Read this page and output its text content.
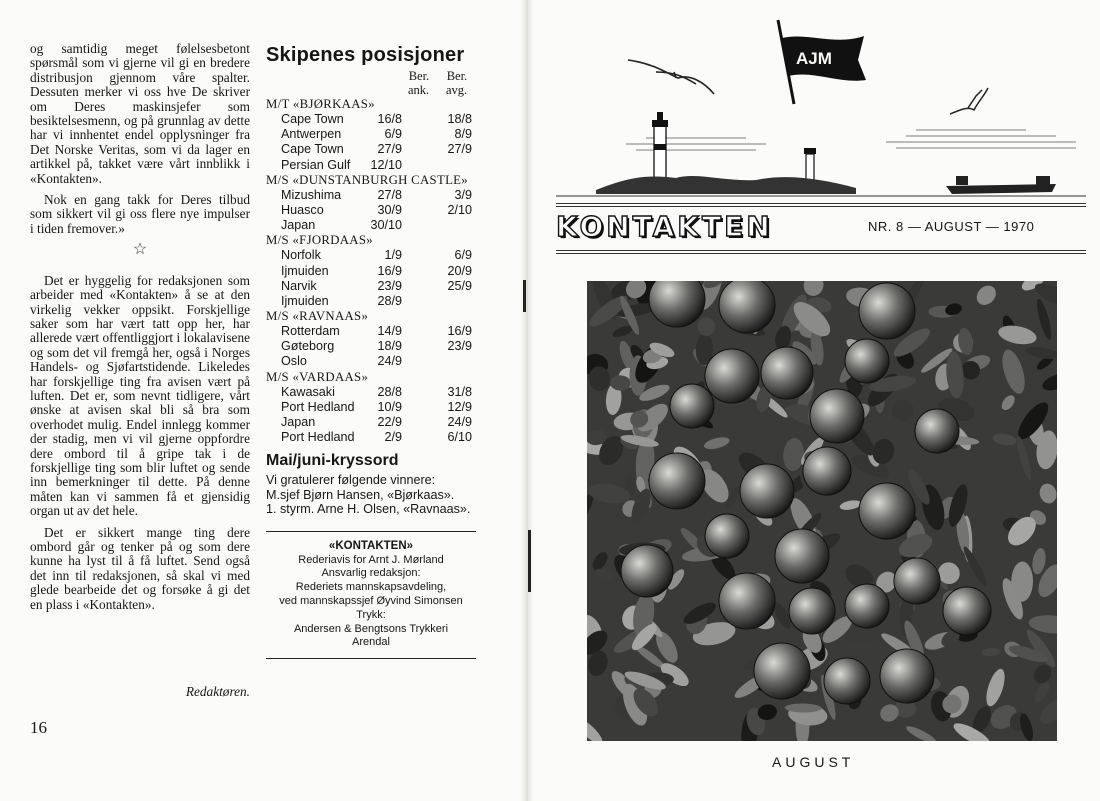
og samtidig meget følelsesbetont spørsmål som vi gjerne vil gi en bredere distribusjon gjennom våre spalter. Dessuten merker vi oss hve De skriver om Deres maskinsjefer som besiktelsesmenn, og på grunnlag av dette har vi innhentet endel opplysninger fra Det Norske Veritas, som vi da lager en artikkel på, takket være vårt innblikk i «Kontakten».

Nok en gang takk for Deres tilbud som sikkert vil gi oss flere nye impulser i tiden fremover.»

☆

Det er hyggelig for redaksjonen som arbeider med «Kontakten» å se at den virkelig vekker oppsikt. Forskjellige saker som har vært tatt opp her, har allerede vært offentliggjort i lokalavisene og som det vil fremgå her, også i Norges Handels- og Sjøfartstidende. Likeledes har forskjellige ting fra avisen vært på luften. Det er, som nevnt tidligere, vårt ønske at avisen skal bli så bra som overhodet mulig. Endel innlegg kommer der stadig, men vi vil gjerne oppfordre dere ombord til å gripe tak i de forskjellige ting som blir luftet og sende inn bemerkninger til dette. På denne måten kan vi sammen få et gjensidig organ ut av det hele.

Det er sikkert mange ting dere ombord går og tenker på og som dere kunne ha lyst til å få luftet. Send også det inn til redaksjonen, så skal vi med glede bearbeide det og forsøke å gi det en plass i «Kontakten».

Redaktøren.
16
Skipenes posisjoner
Ber.
ank.
Ber.
avg.
M/T «BJØRKAAS»
Cape Town	16/8	18/8
Antwerpen	6/9	8/9
Cape Town	27/9	27/9
Persian Gulf 12/10
M/S «DUNSTANBURGH CASTLE»
Mizushima	27/8	3/9
Huasco	30/9	2/10
Japan	30/10
M/S «FJORDAAS»
Norfolk	1/9	6/9
Ijmuiden	16/9	20/9
Narvik	23/9	25/9
Ijmuiden	28/9
M/S «RAVNAAS»
Rotterdam	14/9	16/9
Gøteborg	18/9	23/9
Oslo	24/9
M/S «VARDAAS»
Kawasaki	28/8	31/8
Port Hedland 10/9	12/9
Japan	22/9	24/9
Port Hedland 2/9	6/10
Mai/juni-kryssord
Vi gratulerer følgende vinnere:
M.sjef Bjørn Hansen, «Bjørkaas».
1. styrm. Arne H. Olsen, «Ravnaas».
«KONTAKTEN»
Rederiavis for Arnt J. Mørland
Ansvarlig redaksjon:
Rederiets mannskapsavdeling,
ved mannskapssjef Øyvind Simonsen
Trykk:
Andersen & Bengtsons Trykkeri
Arendal
AJM
KONTAKTEN	NR. 8 — AUGUST — 1970
AUGUST
